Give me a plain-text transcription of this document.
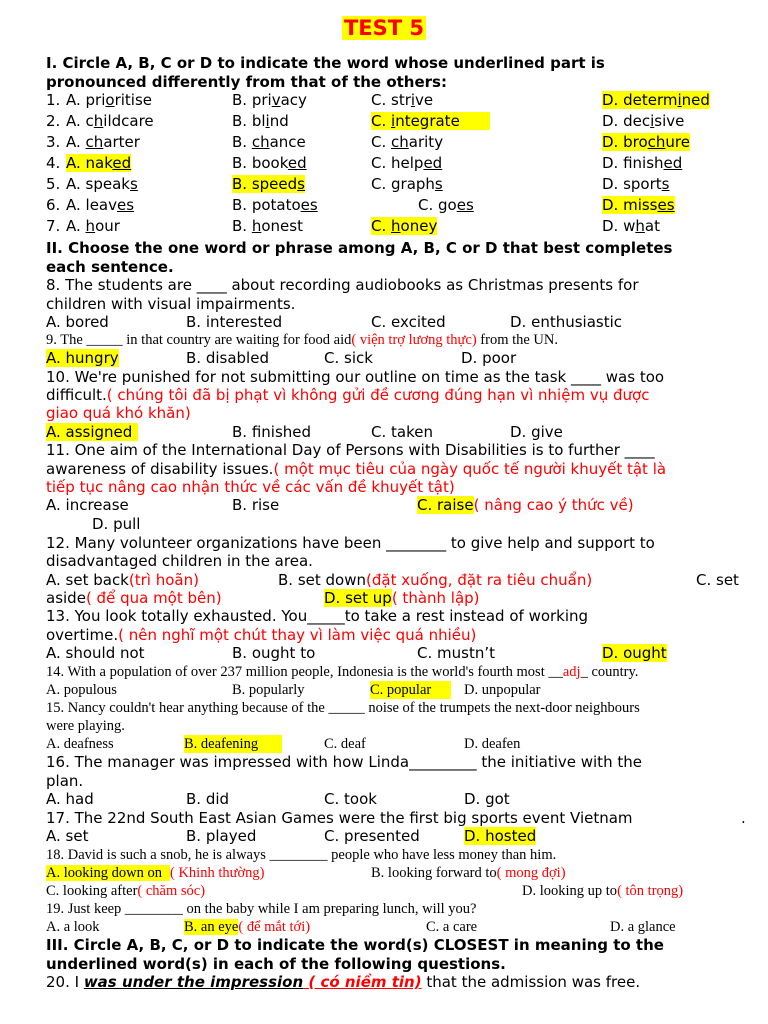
TEST 5
I. Circle A, B, C or D to indicate the word whose underlined part is
pronounced differently from that of the others:
1. A. prioritise	B. privacy	C. strive	D. determined
2. A. childcare	B. blind	C. integrate	D. decisive
3. A. charter	B. chance	C. charity	D. brochure
4. A. naked	B. booked	C. helped	D. finished
5. A. speaks	B. speeds	C. graphs	D. sports
6. A. leaves	B. potatoes	C. goes	D. misses
7. A. hour	B. honest	C. honey	D. what
II. Choose the one word or phrase among A, B, C or D that best completes
each sentence.
8. The students are ____ about recording audiobooks as Christmas presents for
children with visual impairments.
A. bored	B. interested	C. excited	D. enthusiastic
9. The _____ in that country are waiting for food aid( viện trợ lương thực) from the UN.
A. hungry	B. disabled	C. sick	D. poor
10. We're punished for not submitting our outline on time as the task ____ was too
difficult.( chúng tôi đã bị phạt vì không gửi đề cương đúng hạn vì nhiệm vụ được
giao quá khó khăn)
A. assigned	B. finished	C. taken	D. give
11. One aim of the International Day of Persons with Disabilities is to further ____
awareness of disability issues.( một mục tiêu của ngày quốc tế người khuyết tật là
tiếp tục nâng cao nhận thức về các vấn đề khuyết tật)
A. increase	B. rise	C. raise( nâng cao ý thức về)
D. pull
12. Many volunteer organizations have been ________ to give help and support to
disadvantaged children in the area.
A. set back(trì hoãn)	B. set down(đặt xuống, đặt ra tiêu chuẩn)	C. set
aside( để qua một bên)	D. set up( thành lập)
13. You look totally exhausted. You_____to take a rest instead of working
overtime.( nên nghĩ một chút thay vì làm việc quá nhiều)
A. should not	B. ought to	C. mustn’t	D. ought
14. With a population of over 237 million people, Indonesia is the world's fourth most __adj_ country.
A. populous	B. popularly	C. popular	D. unpopular
15. Nancy couldn't hear anything because of the _____ noise of the trumpets the next-door neighbours
were playing.
A. deafness	B. deafening	C. deaf	D. deafen
16. The manager was impressed with how Linda_________ the initiative with the
plan.
A. had	B. did	C. took	D. got
17. The 22nd South East Asian Games were the first big sports event Vietnam	.
A. set	B. played	C. presented	D. hosted
18. David is such a snob, he is always ________ people who have less money than him.
A. looking down on ( Khinh thường)	B. looking forward to( mong đợi)
C. looking after( chăm sóc)	D. looking up to( tôn trọng)
19. Just keep ________ on the baby while I am preparing lunch, will you?
A. a look	B. an eye( để mắt tới)	C. a care	D. a glance
III. Circle A, B, C, or D to indicate the word(s) CLOSEST in meaning to the
underlined word(s) in each of the following questions.
20. I was under the impression ( có niềm tin) that the admission was free.
